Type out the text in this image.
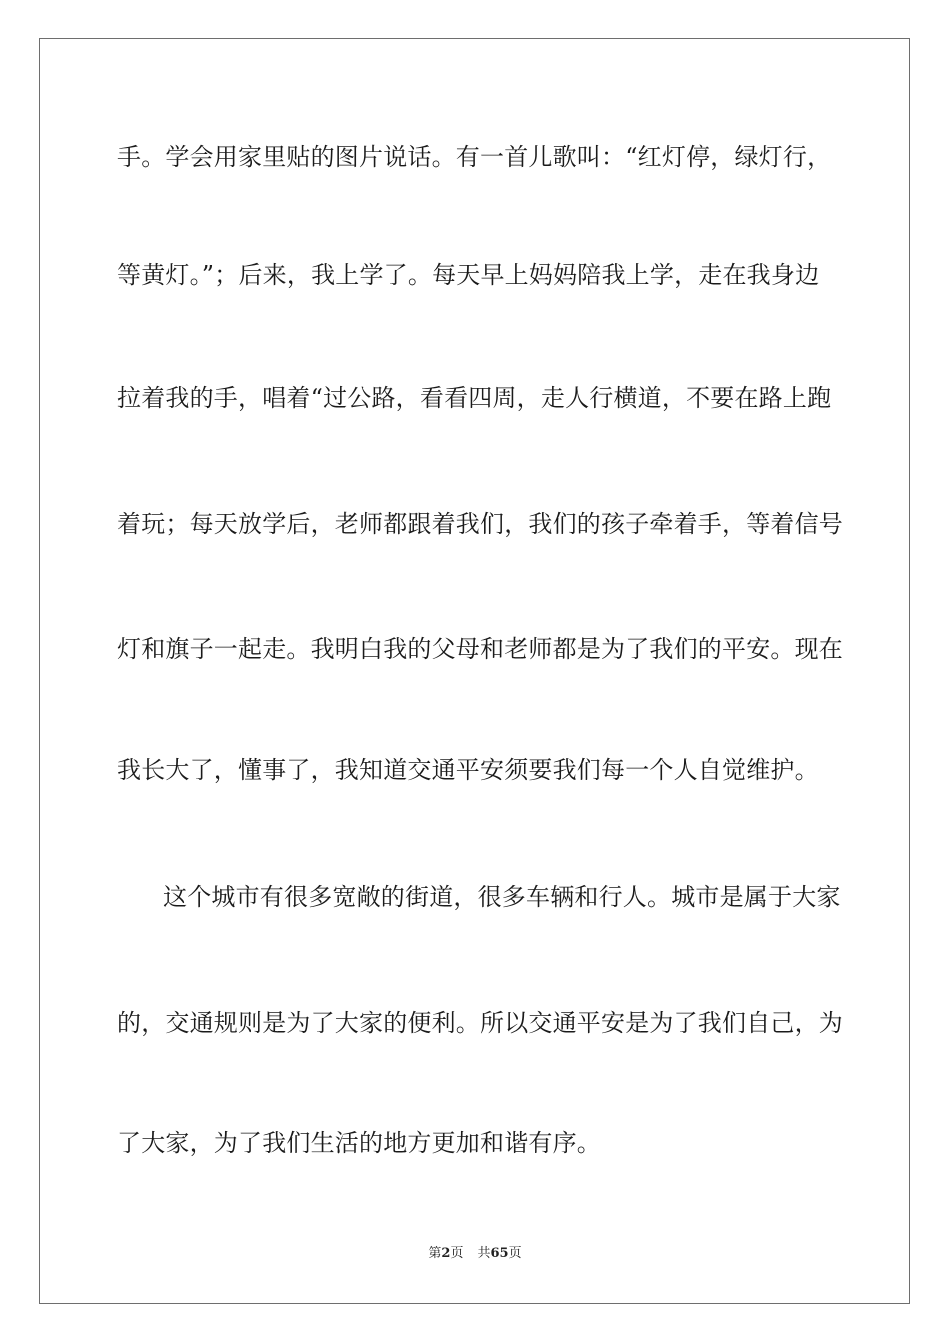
手。学会用家里贴的图片说话。有一首儿歌叫：“红灯停，绿灯行，
等黄灯。”；后来，我上学了。每天早上妈妈陪我上学，走在我身边
拉着我的手，唱着“过公路，看看四周，走人行横道，不要在路上跑
着玩；每天放学后，老师都跟着我们，我们的孩子牵着手，等着信号
灯和旗子一起走。我明白我的父母和老师都是为了我们的平安。现在
我长大了，懂事了，我知道交通平安须要我们每一个人自觉维护。
这个城市有很多宽敞的街道，很多车辆和行人。城市是属于大家
的，交通规则是为了大家的便利。所以交通平安是为了我们自己，为
了大家，为了我们生活的地方更加和谐有序。
第2页 共65页
